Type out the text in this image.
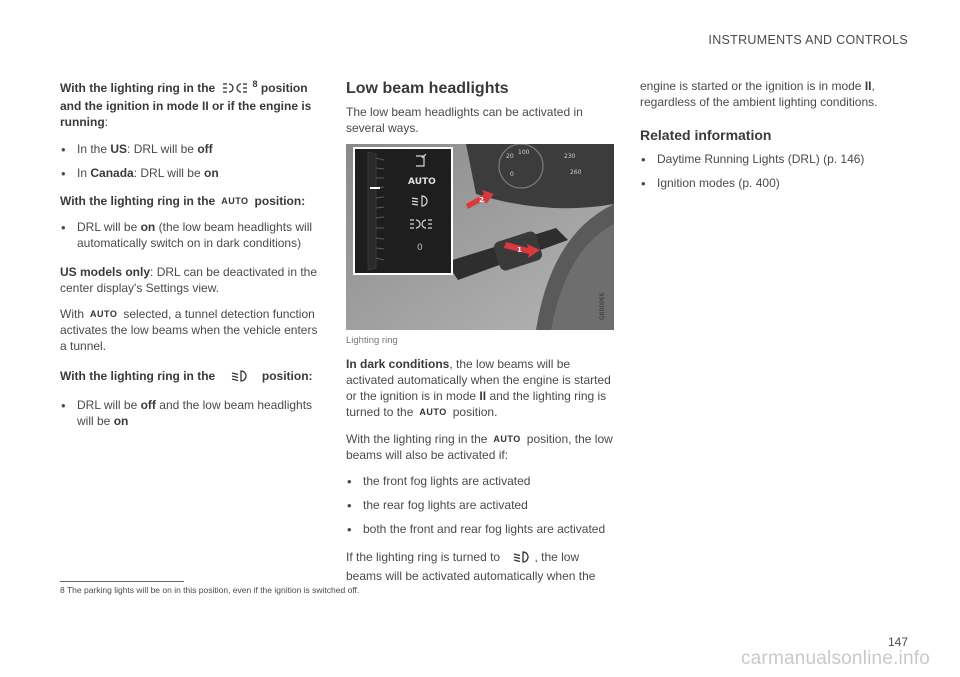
INSTRUMENTS AND CONTROLS

With the lighting ring in the	$^8$ position and the ignition in mode II or if the engine is running:

• In the US: DRL will be off
• In Canada: DRL will be on

With the lighting ring in the AUTO position:

• DRL will be on (the low beam headlights will automatically switch on in dark conditions)

US models only: DRL can be deactivated in the center display's Settings view.

With AUTO selected, a tunnel detection function activates the low beams when the vehicle enters a tunnel.

With the lighting ring in the	position:

• DRL will be off and the low beam headlights will be on
Low beam headlights

The low beam headlights can be activated in several ways.

20
100
230
0	260
2
1
AUTO
0
G000066
Lighting ring

In dark conditions, the low beams will be activated automatically when the engine is started or the ignition is in mode II and the lighting ring is turned to the AUTO position.

With the lighting ring in the AUTO position, the low beams will also be activated if:

• the front fog lights are activated
• the rear fog lights are activated
• both the front and rear fog lights are activated

If the lighting ring is turned to	, the low beams will be activated automatically when the

engine is started or the ignition is in mode II, regardless of the ambient lighting conditions.

Related information
• Daytime Running Lights (DRL) (p. 146)
• Ignition modes (p. 400)
8 The parking lights will be on in this position, even if the ignition is switched off.
147
carmanualsonline.info
